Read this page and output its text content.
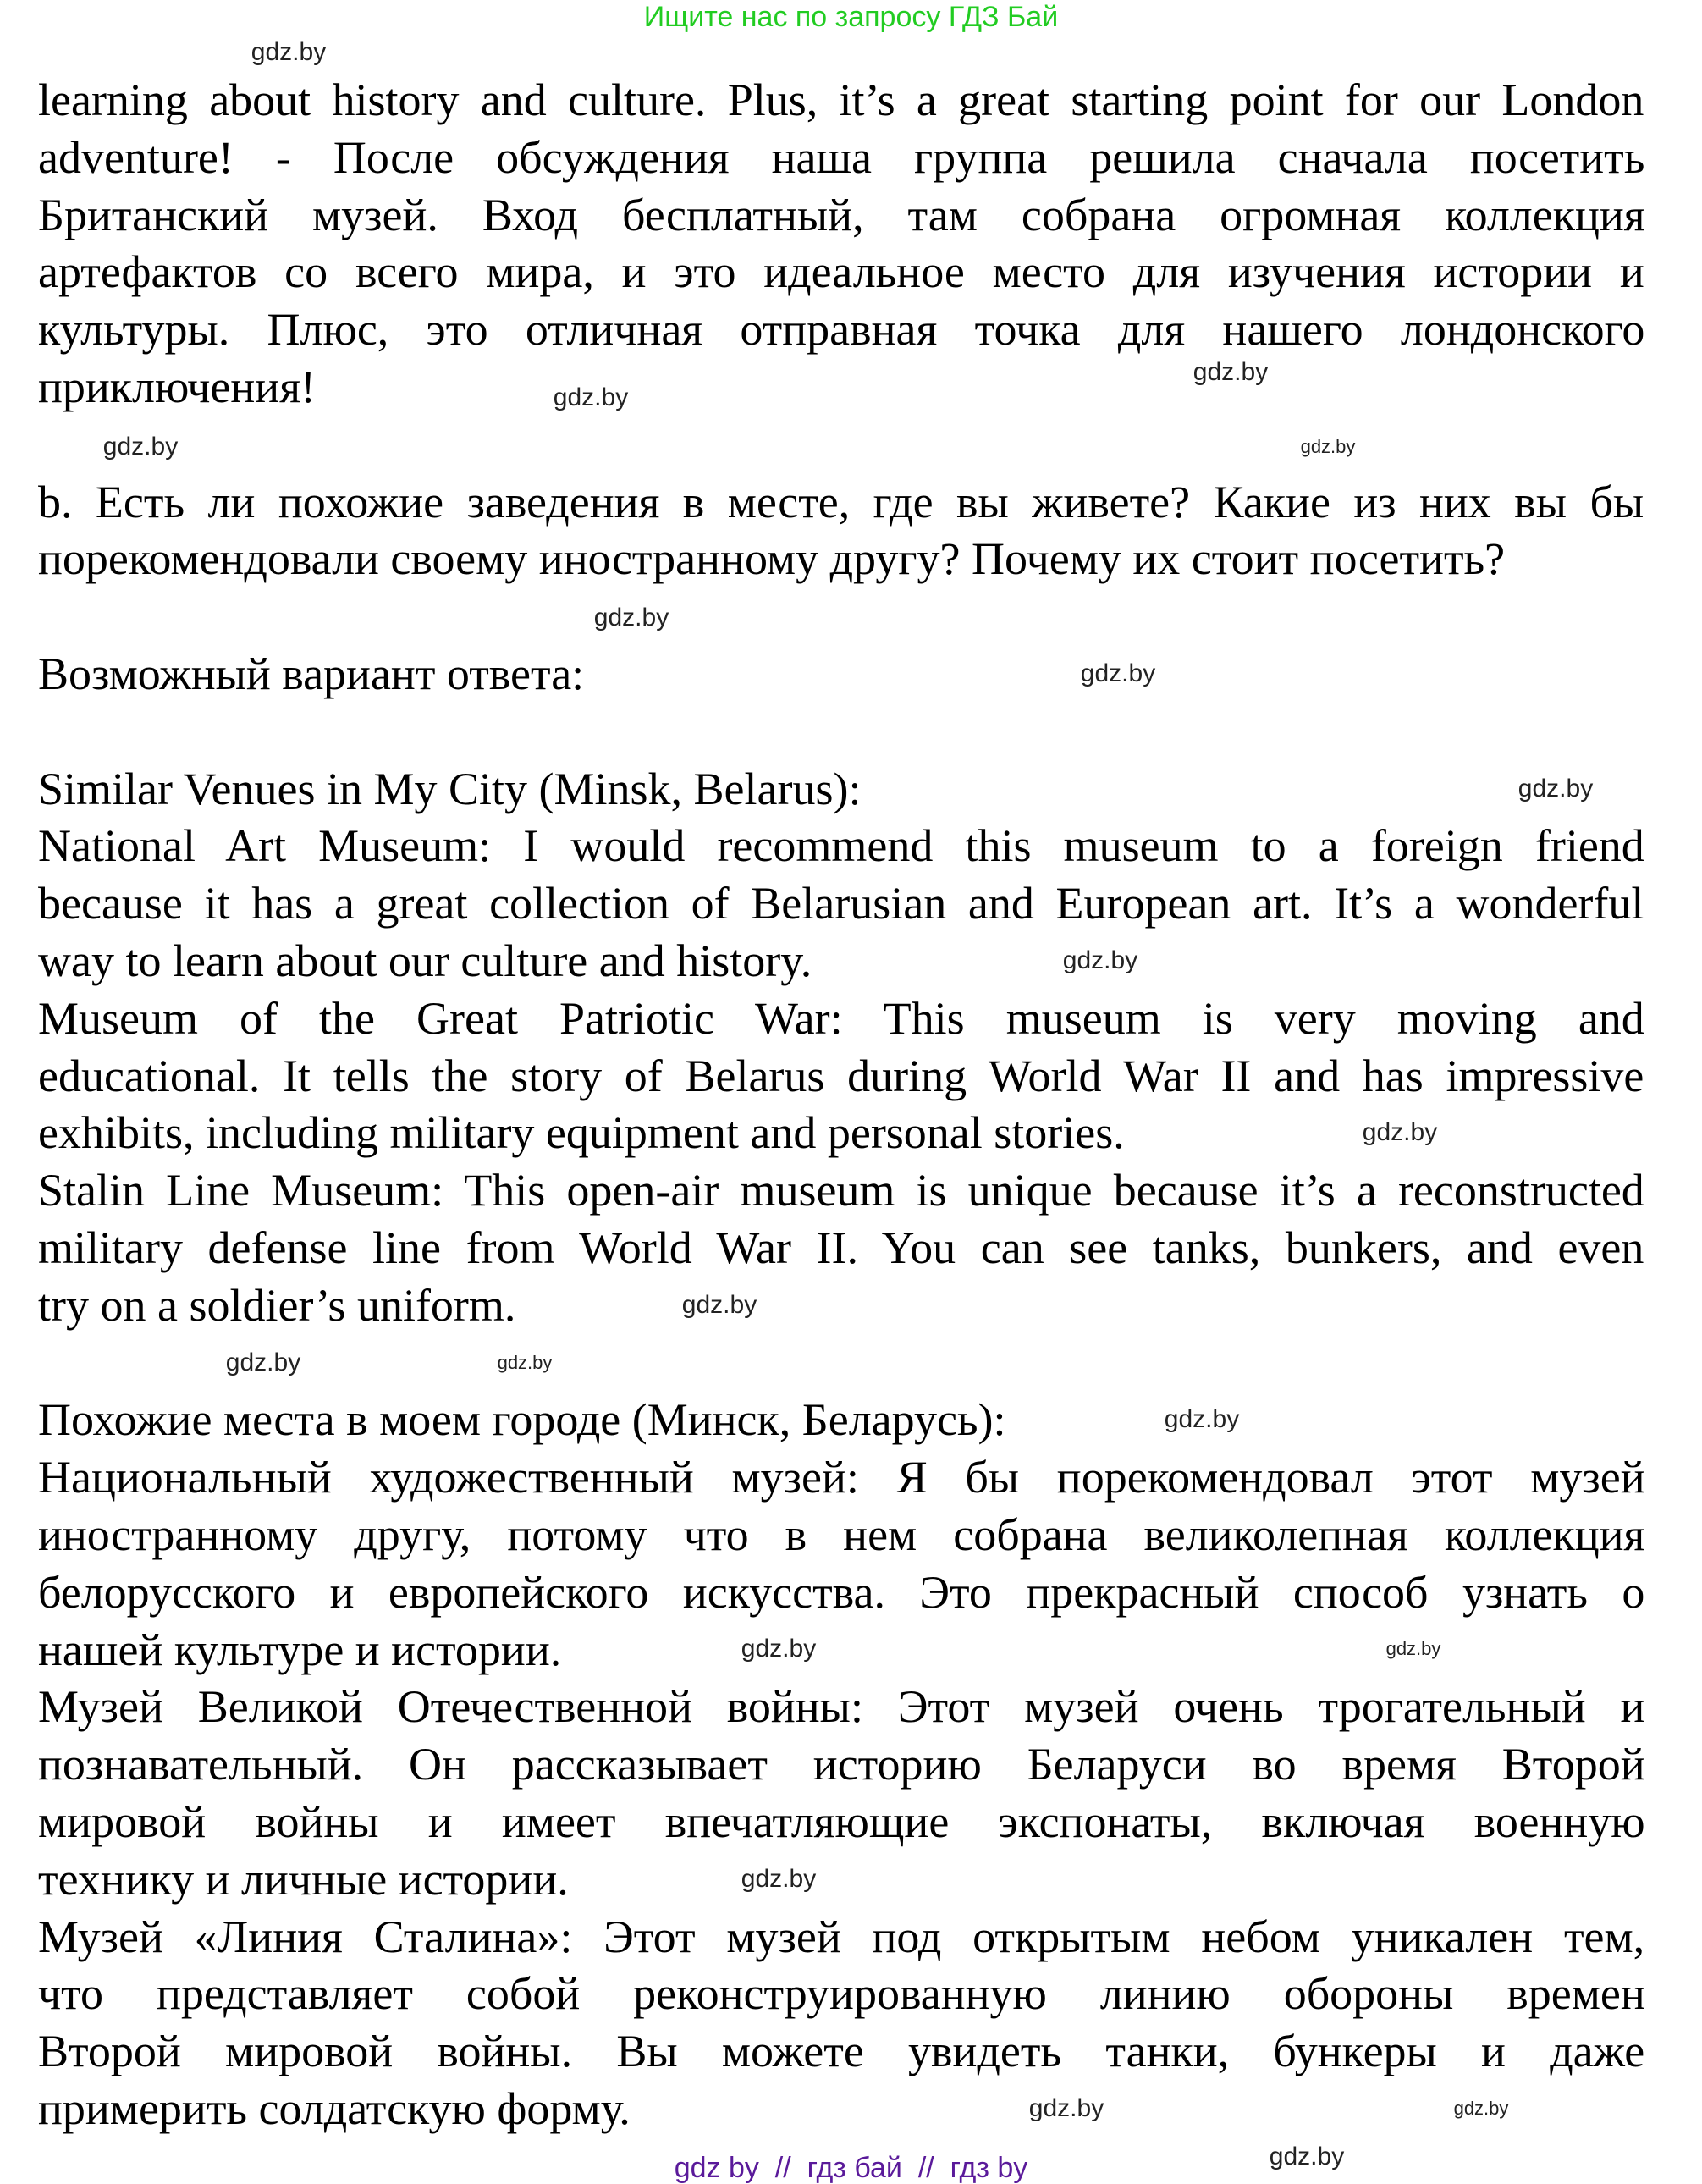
Ищите нас по запросу ГДЗ Бай
learning about history and culture. Plus, it’s a great starting point for our London
adventure! - После обсуждения наша группа решила сначала посетить
Британский музей. Вход бесплатный, там собрана огромная коллекция
артефактов со всего мира, и это идеальное место для изучения истории и
культуры. Плюс, это отличная отправная точка для нашего лондонского
приключения!
b. Есть ли похожие заведения в месте, где вы живете? Какие из них вы бы
порекомендовали своему иностранному другу? Почему их стоит посетить?
Возможный вариант ответа:
Similar Venues in My City (Minsk, Belarus):
National Art Museum: I would recommend this museum to a foreign friend
because it has a great collection of Belarusian and European art. It’s a wonderful
way to learn about our culture and history.
Museum of the Great Patriotic War: This museum is very moving and
educational. It tells the story of Belarus during World War II and has impressive
exhibits, including military equipment and personal stories.
Stalin Line Museum: This open-air museum is unique because it’s a reconstructed
military defense line from World War II. You can see tanks, bunkers, and even
try on a soldier’s uniform.
Похожие места в моем городе (Минск, Беларусь):
Национальный художественный музей: Я бы порекомендовал этот музей
иностранному другу, потому что в нем собрана великолепная коллекция
белорусского и европейского искусства. Это прекрасный способ узнать о
нашей культуре и истории.
Музей Великой Отечественной войны: Этот музей очень трогательный и
познавательный. Он рассказывает историю Беларуси во время Второй
мировой войны и имеет впечатляющие экспонаты, включая военную
технику и личные истории.
Музей «Линия Сталина»: Этот музей под открытым небом уникален тем,
что представляет собой реконструированную линию обороны времен
Второй мировой войны. Вы можете увидеть танки, бункеры и даже
примерить солдатскую форму.
gdz.by
gdz.by
gdz.by
gdz.by
gdz.by
gdz.by
gdz.by
gdz.by
gdz.by
gdz.by
gdz.by
gdz.by
gdz.by
gdz.by
gdz.by
gdz.by
gdz.by
gdz.by
gdz.by
gdz.by
gdz by  //  гдз бай  //  гдз by
